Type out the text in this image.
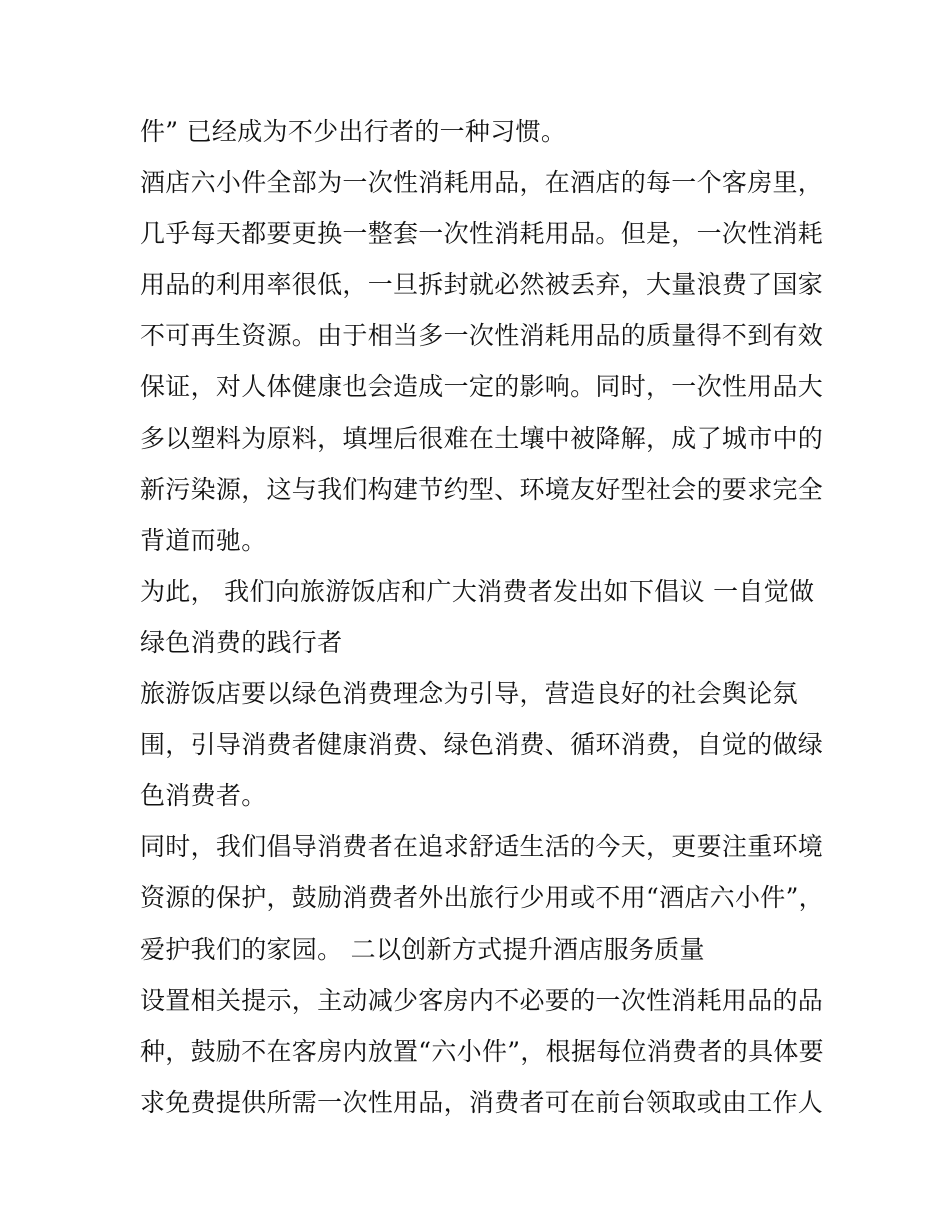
件” 已经成为不少出行者的一种习惯。
酒店六小件全部为一次性消耗用品，在酒店的每一个客房里，
几乎每天都要更换一整套一次性消耗用品。但是，一次性消耗
用品的利用率很低，一旦拆封就必然被丢弃，大量浪费了国家
不可再生资源。由于相当多一次性消耗用品的质量得不到有效
保证，对人体健康也会造成一定的影响。同时，一次性用品大
多以塑料为原料，填埋后很难在土壤中被降解，成了城市中的
新污染源，这与我们构建节约型、环境友好型社会的要求完全
背道而驰。
为此， 我们向旅游饭店和广大消费者发出如下倡议 一自觉做
绿色消费的践行者
旅游饭店要以绿色消费理念为引导，营造良好的社会舆论氛
围，引导消费者健康消费、绿色消费、循环消费，自觉的做绿
色消费者。
同时，我们倡导消费者在追求舒适生活的今天，更要注重环境
资源的保护，鼓励消费者外出旅行少用或不用“酒店六小件”，
爱护我们的家园。 二以创新方式提升酒店服务质量
设置相关提示，主动减少客房内不必要的一次性消耗用品的品
种，鼓励不在客房内放置“六小件”，根据每位消费者的具体要
求免费提供所需一次性用品，消费者可在前台领取或由工作人
